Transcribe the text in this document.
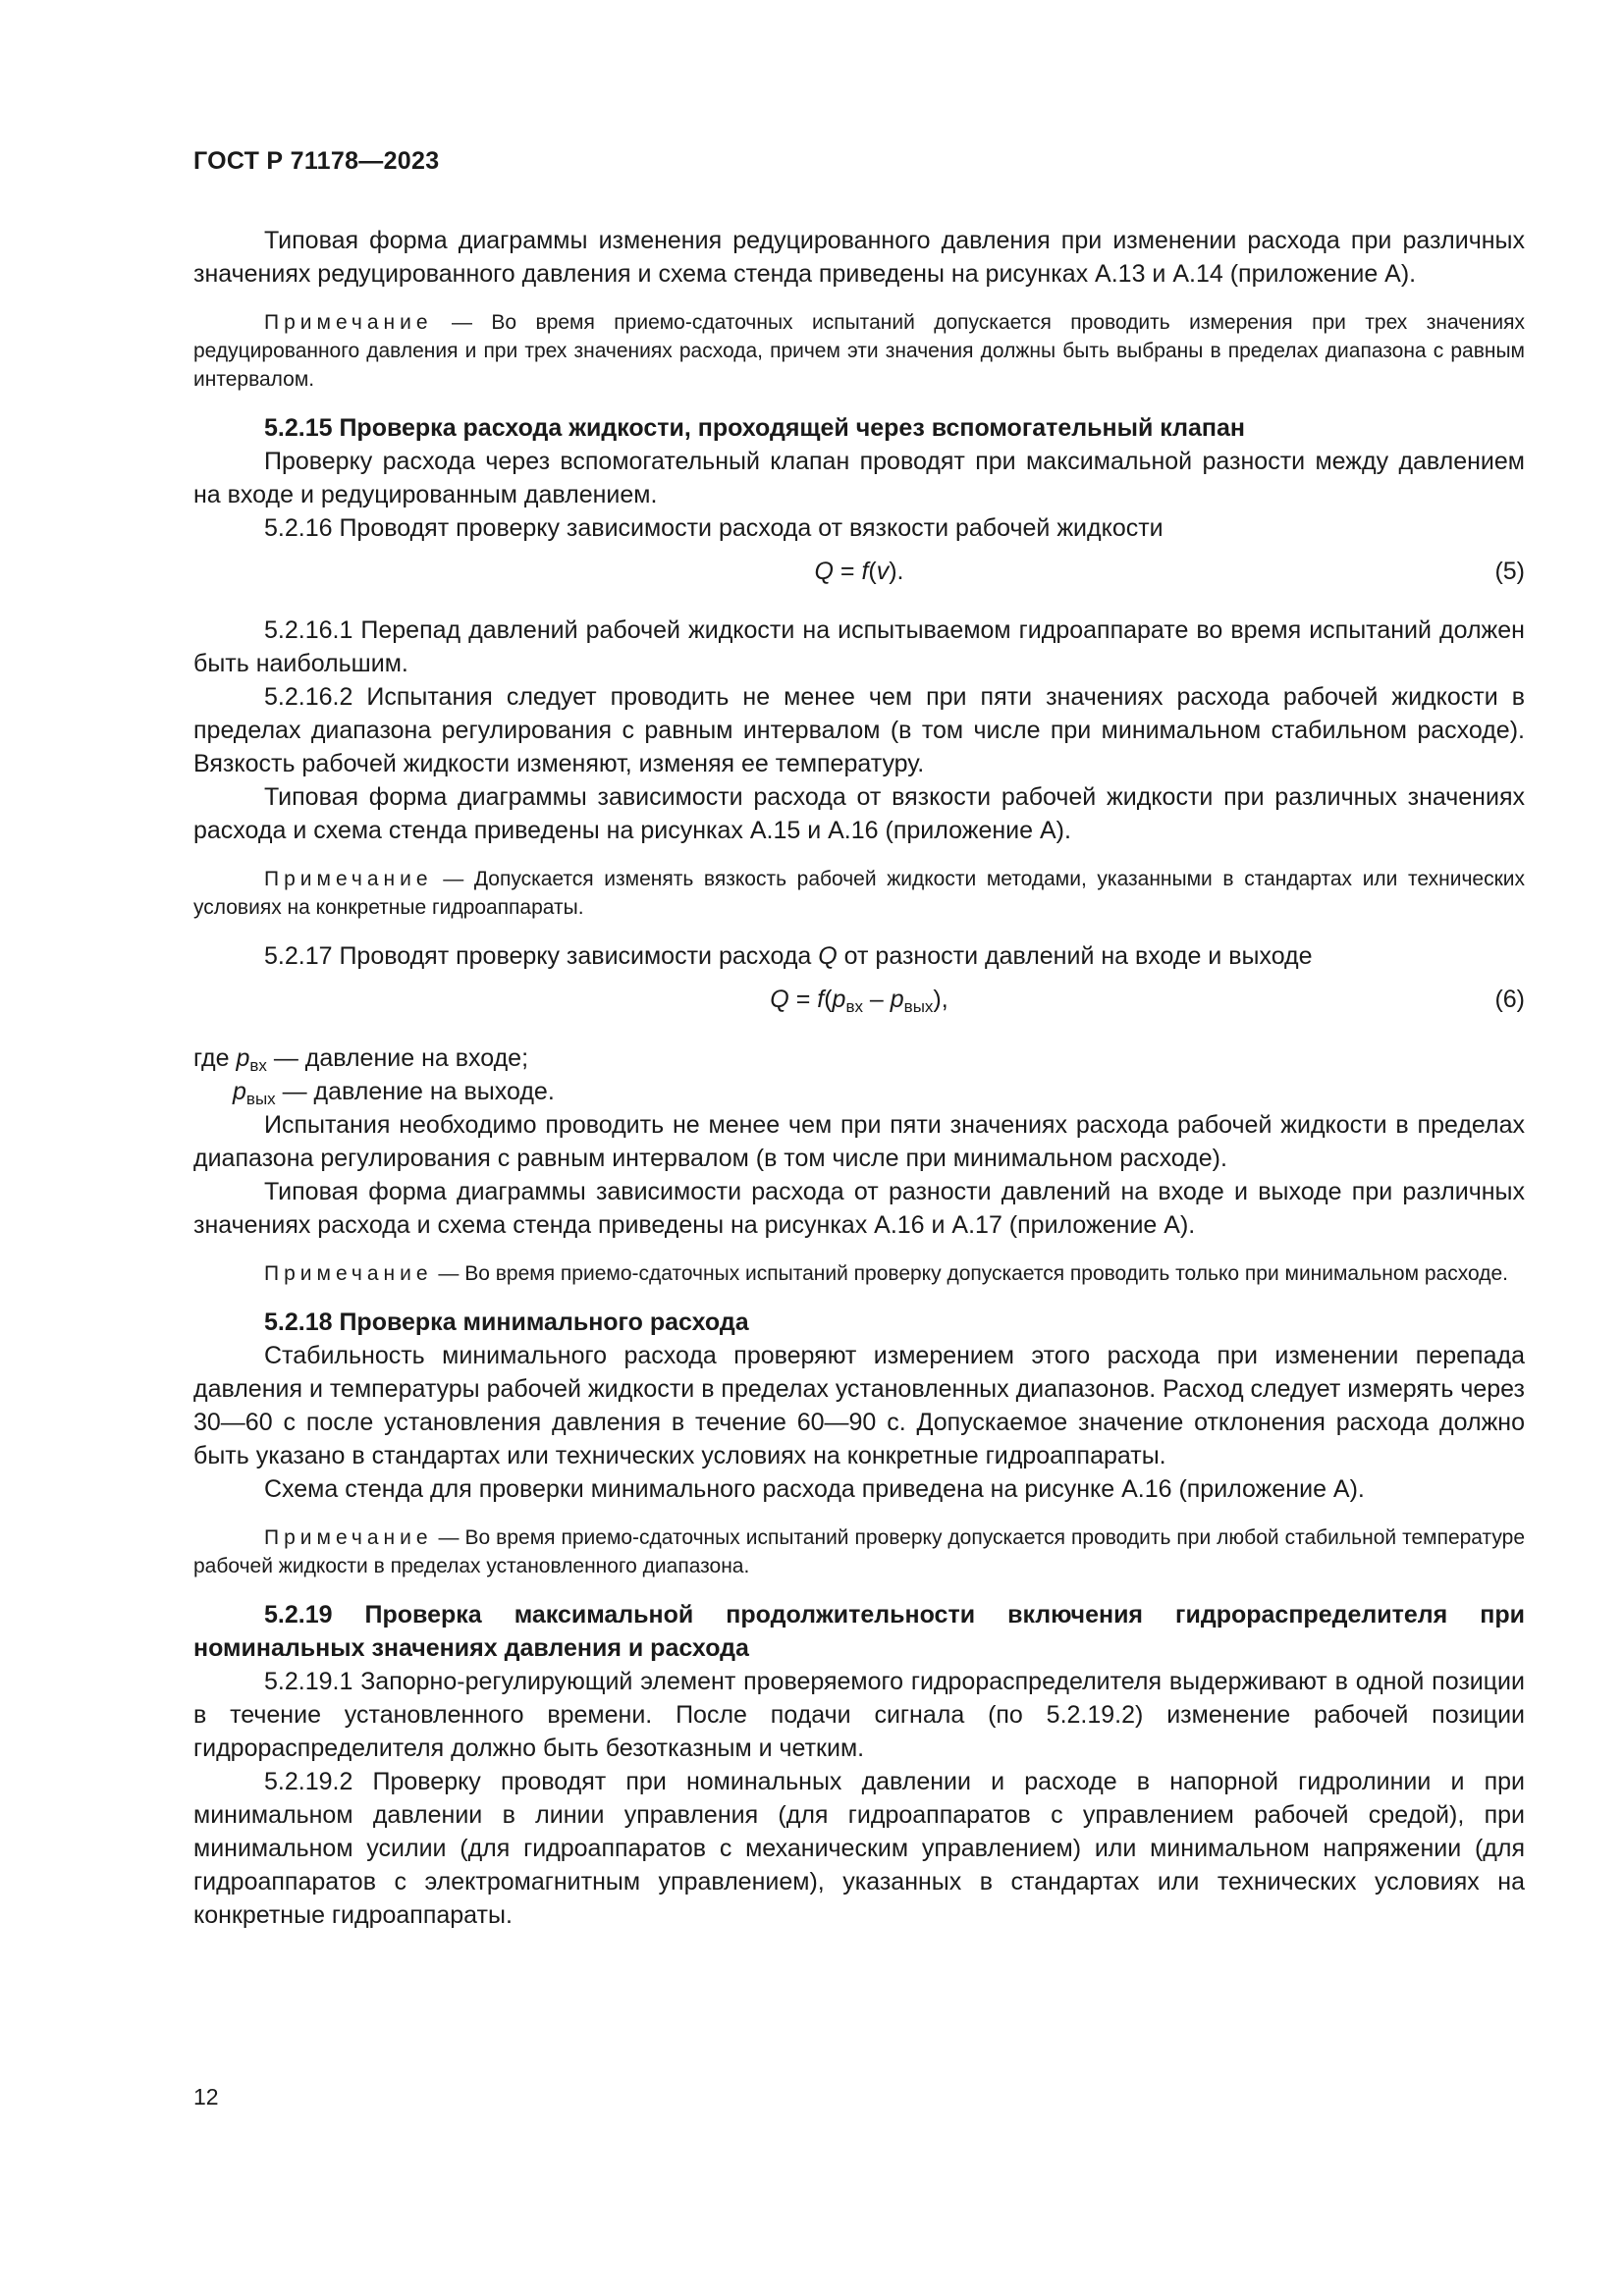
ГОСТ Р 71178—2023

Типовая форма диаграммы изменения редуцированного давления при изменении расхода при различных значениях редуцированного давления и схема стенда приведены на рисунках А.13 и А.14 (приложение А).

Примечание — Во время приемо-сдаточных испытаний допускается проводить измерения при трех значениях редуцированного давления и при трех значениях расхода, причем эти значения должны быть выбраны в пределах диапазона с равным интервалом.

5.2.15 Проверка расхода жидкости, проходящей через вспомогательный клапан

Проверку расхода через вспомогательный клапан проводят при максимальной разности между давлением на входе и редуцированным давлением.

5.2.16 Проводят проверку зависимости расхода от вязкости рабочей жидкости

Q = f(v).	(5)

5.2.16.1 Перепад давлений рабочей жидкости на испытываемом гидроаппарате во время испытаний должен быть наибольшим.

5.2.16.2 Испытания следует проводить не менее чем при пяти значениях расхода рабочей жидкости в пределах диапазона регулирования с равным интервалом (в том числе при минимальном стабильном расходе). Вязкость рабочей жидкости изменяют, изменяя ее температуру.

Типовая форма диаграммы зависимости расхода от вязкости рабочей жидкости при различных значениях расхода и схема стенда приведены на рисунках А.15 и А.16 (приложение А).

Примечание — Допускается изменять вязкость рабочей жидкости методами, указанными в стандартах или технических условиях на конкретные гидроаппараты.

5.2.17 Проводят проверку зависимости расхода Q от разности давлений на входе и выходе

$Q = f(p_{вх} - p_{вых})$,	(6)

где $p_{вх}$ — давление на входе;

$p_{вых}$ — давление на выходе.

Испытания необходимо проводить не менее чем при пяти значениях расхода рабочей жидкости в пределах диапазона регулирования с равным интервалом (в том числе при минимальном расходе).

Типовая форма диаграммы зависимости расхода от разности давлений на входе и выходе при различных значениях расхода и схема стенда приведены на рисунках А.16 и А.17 (приложение А).

Примечание — Во время приемо-сдаточных испытаний проверку допускается проводить только при минимальном расходе.

5.2.18 Проверка минимального расхода

Стабильность минимального расхода проверяют измерением этого расхода при изменении перепада давления и температуры рабочей жидкости в пределах установленных диапазонов. Расход следует измерять через 30—60 с после установления давления в течение 60—90 с. Допускаемое значение отклонения расхода должно быть указано в стандартах или технических условиях на конкретные гидроаппараты.

Схема стенда для проверки минимального расхода приведена на рисунке А.16 (приложение А).

Примечание — Во время приемо-сдаточных испытаний проверку допускается проводить при любой стабильной температуре рабочей жидкости в пределах установленного диапазона.

5.2.19 Проверка максимальной продолжительности включения гидрораспределителя при номинальных значениях давления и расхода

5.2.19.1 Запорно-регулирующий элемент проверяемого гидрораспределителя выдерживают в одной позиции в течение установленного времени. После подачи сигнала (по 5.2.19.2) изменение рабочей позиции гидрораспределителя должно быть безотказным и четким.

5.2.19.2 Проверку проводят при номинальных давлении и расходе в напорной гидролинии и при минимальном давлении в линии управления (для гидроаппаратов с управлением рабочей средой), при минимальном усилии (для гидроаппаратов с механическим управлением) или минимальном напряжении (для гидроаппаратов с электромагнитным управлением), указанных в стандартах или технических условиях на конкретные гидроаппараты.

12
